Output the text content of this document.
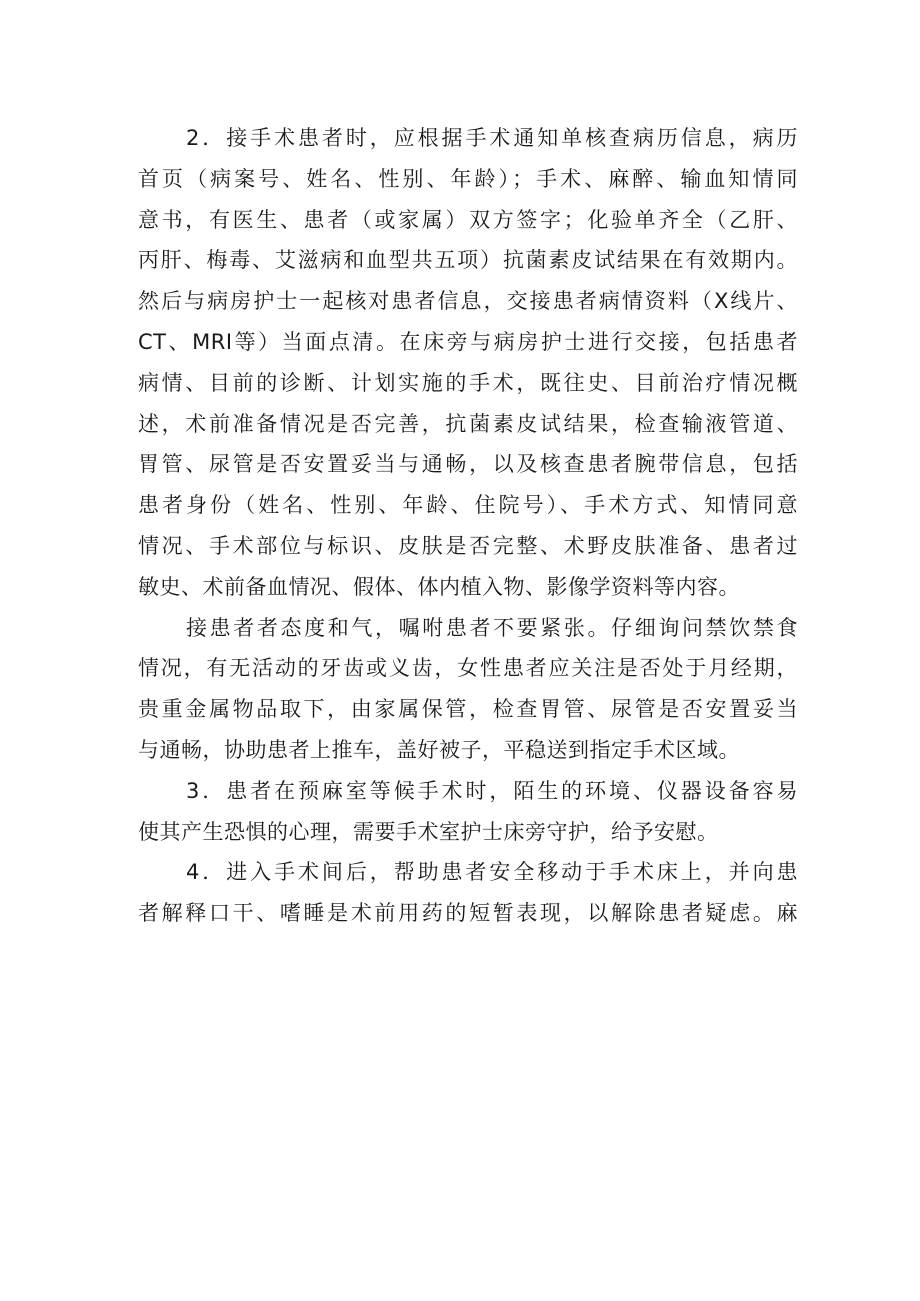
2．接手术患者时，应根据手术通知单核查病历信息，病历
首页（病案号、姓名、性别、年龄）；手术、麻醉、输血知情同
意书，有医生、患者（或家属）双方签字；化验单齐全（乙肝、
丙肝、梅毒、艾滋病和血型共五项）抗菌素皮试结果在有效期内。
然后与病房护士一起核对患者信息，交接患者病情资料（X线片、
CT、MRI等）当面点清。在床旁与病房护士进行交接，包括患者
病情、目前的诊断、计划实施的手术，既往史、目前治疗情况概
述，术前准备情况是否完善，抗菌素皮试结果，检查输液管道、
胃管、尿管是否安置妥当与通畅，以及核查患者腕带信息，包括
患者身份（姓名、性别、年龄、住院号）、手术方式、知情同意
情况、手术部位与标识、皮肤是否完整、术野皮肤准备、患者过
敏史、术前备血情况、假体、体内植入物、影像学资料等内容。
接患者者态度和气，嘱咐患者不要紧张。仔细询问禁饮禁食
情况，有无活动的牙齿或义齿，女性患者应关注是否处于月经期，
贵重金属物品取下，由家属保管，检查胃管、尿管是否安置妥当
与通畅，协助患者上推车，盖好被子，平稳送到指定手术区域。
3．患者在预麻室等候手术时，陌生的环境、仪器设备容易
使其产生恐惧的心理，需要手术室护士床旁守护，给予安慰。
4．进入手术间后，帮助患者安全移动于手术床上，并向患
者解释口干、嗜睡是术前用药的短暂表现，以解除患者疑虑。麻
